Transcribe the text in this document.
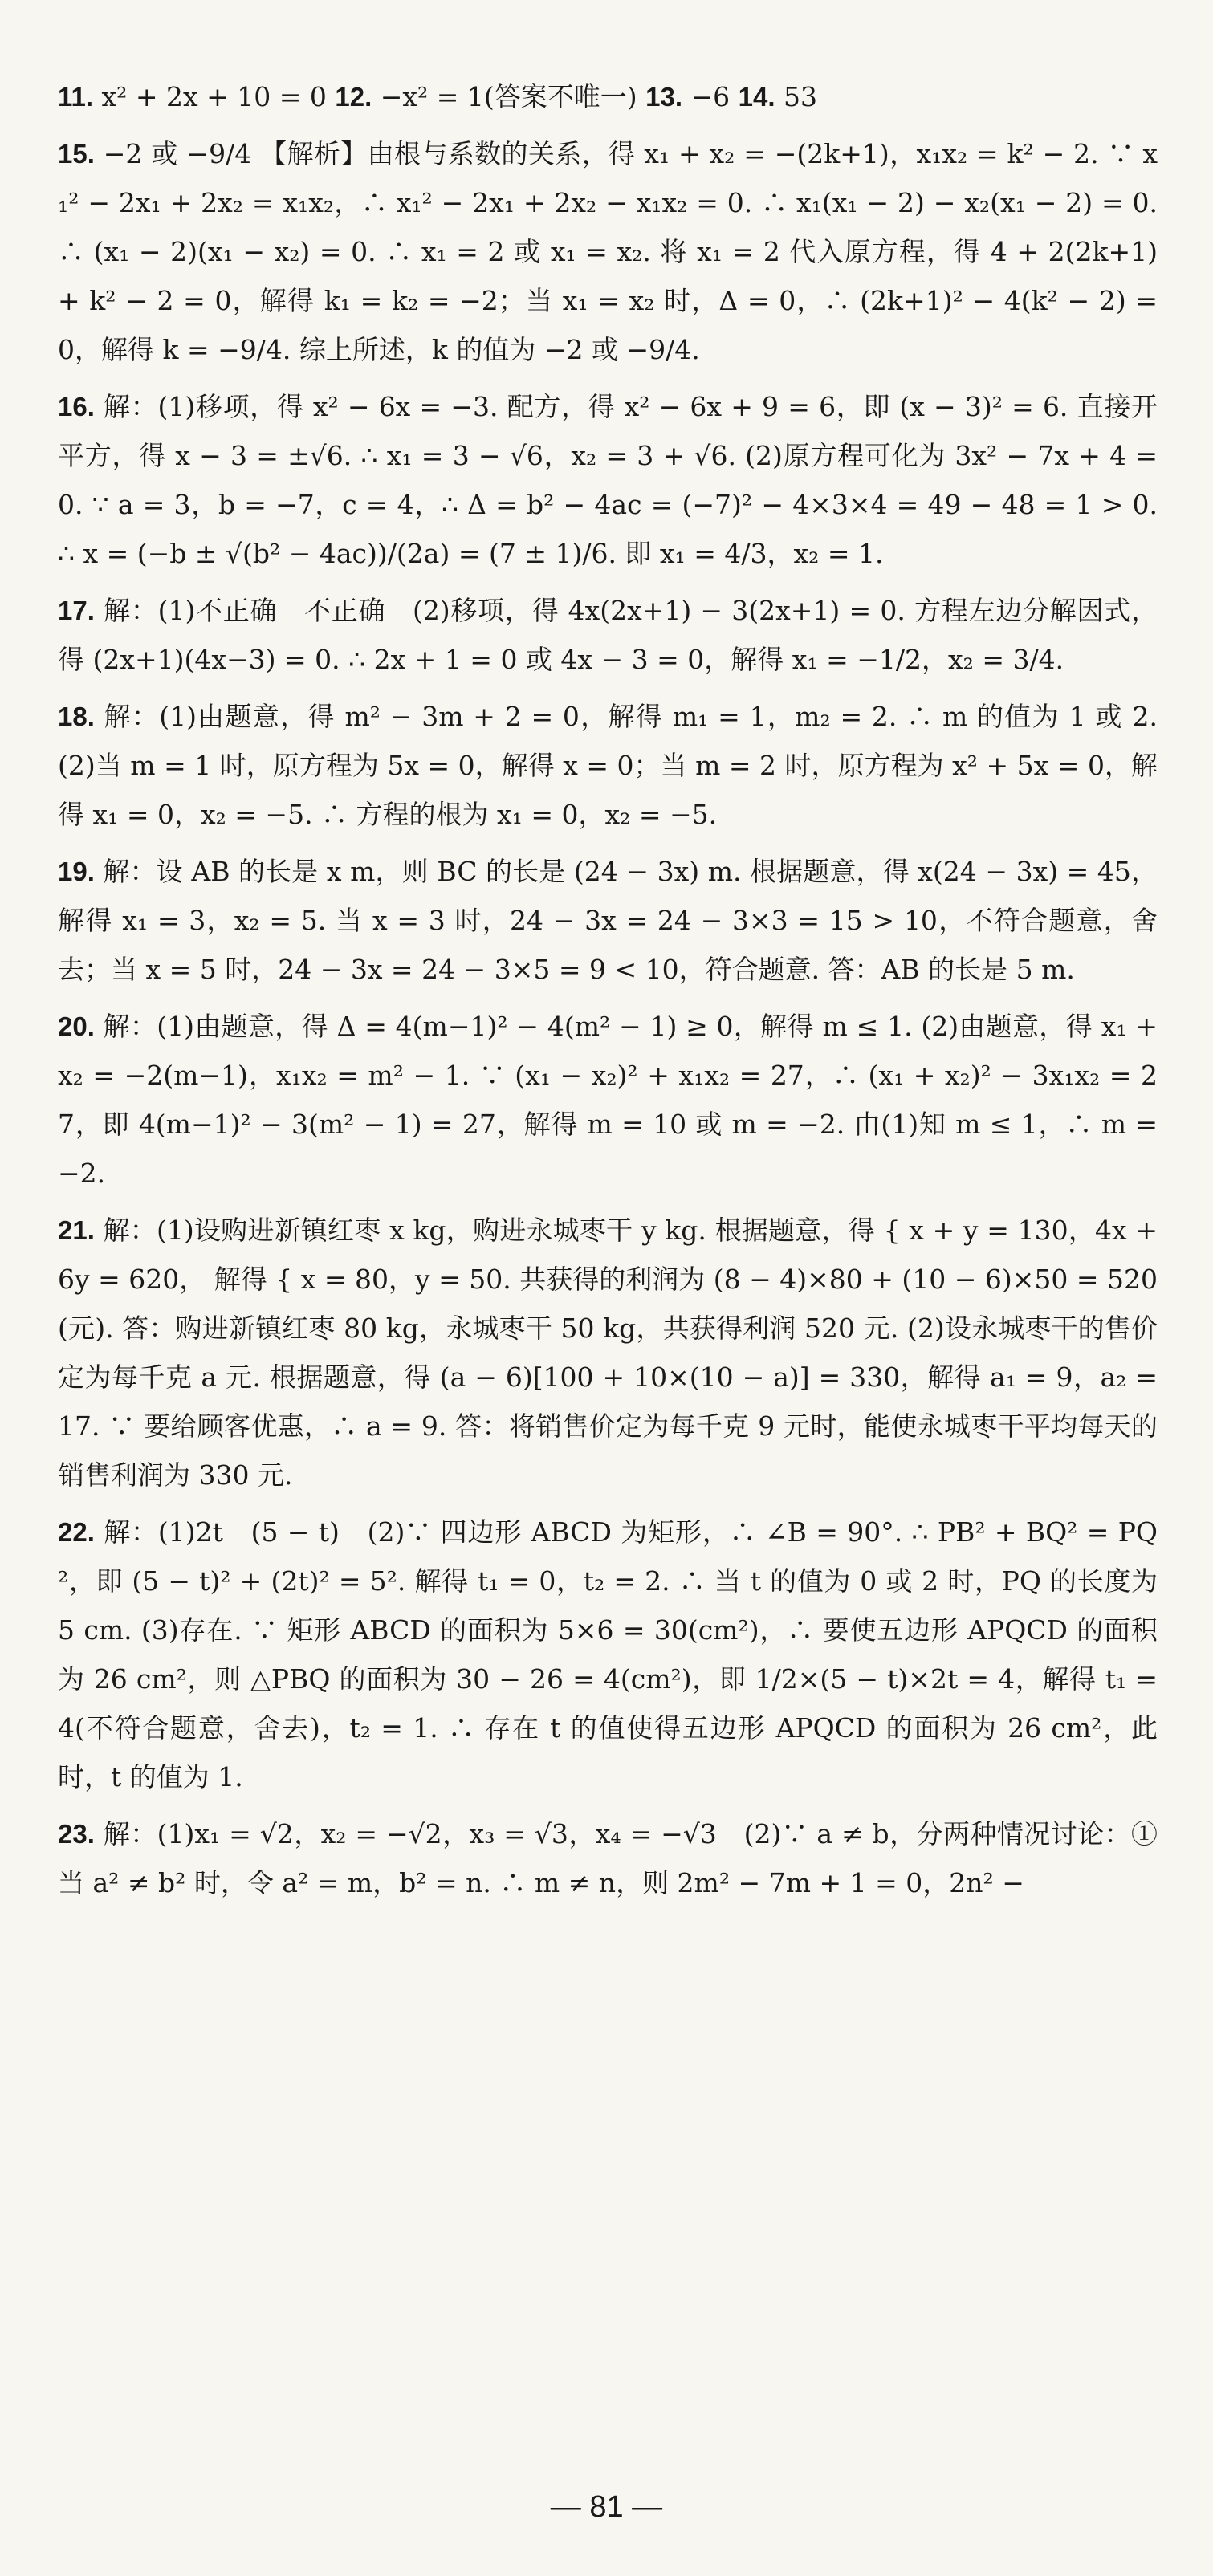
11. x² + 2x + 10 = 0 12. −x² = 1(答案不唯一) 13. −6 14. 53

15. −2 或 −9/4 【解析】由根与系数的关系，得 x₁ + x₂ = −(2k+1)，x₁x₂ = k² − 2. ∵ x₁² − 2x₁ + 2x₂ = x₁x₂，∴ x₁² − 2x₁ + 2x₂ − x₁x₂ = 0. ∴ x₁(x₁ − 2) − x₂(x₁ − 2) = 0. ∴ (x₁ − 2)(x₁ − x₂) = 0. ∴ x₁ = 2 或 x₁ = x₂. 将 x₁ = 2 代入原方程，得 4 + 2(2k+1) + k² − 2 = 0，解得 k₁ = k₂ = −2；当 x₁ = x₂ 时，Δ = 0，∴ (2k+1)² − 4(k² − 2) = 0，解得 k = −9/4. 综上所述，k 的值为 −2 或 −9/4.

16. 解：(1)移项，得 x² − 6x = −3. 配方，得 x² − 6x + 9 = 6，即 (x − 3)² = 6. 直接开平方，得 x − 3 = ±√6. ∴ x₁ = 3 − √6，x₂ = 3 + √6. (2)原方程可化为 3x² − 7x + 4 = 0. ∵ a = 3，b = −7，c = 4，∴ Δ = b² − 4ac = (−7)² − 4×3×4 = 49 − 48 = 1 > 0. ∴ x = (−b ± √(b² − 4ac))/(2a) = (7 ± 1)/6. 即 x₁ = 4/3，x₂ = 1.

17. 解：(1)不正确　不正确　(2)移项，得 4x(2x+1) − 3(2x+1) = 0. 方程左边分解因式，得 (2x+1)(4x−3) = 0. ∴ 2x + 1 = 0 或 4x − 3 = 0，解得 x₁ = −1/2，x₂ = 3/4.

18. 解：(1)由题意，得 m² − 3m + 2 = 0，解得 m₁ = 1，m₂ = 2. ∴ m 的值为 1 或 2. (2)当 m = 1 时，原方程为 5x = 0，解得 x = 0；当 m = 2 时，原方程为 x² + 5x = 0，解得 x₁ = 0，x₂ = −5. ∴ 方程的根为 x₁ = 0，x₂ = −5.

19. 解：设 AB 的长是 x m，则 BC 的长是 (24 − 3x) m. 根据题意，得 x(24 − 3x) = 45，解得 x₁ = 3，x₂ = 5. 当 x = 3 时，24 − 3x = 24 − 3×3 = 15 > 10，不符合题意，舍去；当 x = 5 时，24 − 3x = 24 − 3×5 = 9 < 10，符合题意. 答：AB 的长是 5 m.

20. 解：(1)由题意，得 Δ = 4(m−1)² − 4(m² − 1) ≥ 0，解得 m ≤ 1. (2)由题意，得 x₁ + x₂ = −2(m−1)，x₁x₂ = m² − 1. ∵ (x₁ − x₂)² + x₁x₂ = 27，∴ (x₁ + x₂)² − 3x₁x₂ = 27，即 4(m−1)² − 3(m² − 1) = 27，解得 m = 10 或 m = −2. 由(1)知 m ≤ 1，∴ m = −2.

21. 解：(1)设购进新镇红枣 x kg，购进永城枣干 y kg. 根据题意，得 { x + y = 130，4x + 6y = 620， 解得 { x = 80，y = 50. 共获得的利润为 (8 − 4)×80 + (10 − 6)×50 = 520(元). 答：购进新镇红枣 80 kg，永城枣干 50 kg，共获得利润 520 元. (2)设永城枣干的售价定为每千克 a 元. 根据题意，得 (a − 6)[100 + 10×(10 − a)] = 330，解得 a₁ = 9，a₂ = 17. ∵ 要给顾客优惠，∴ a = 9. 答：将销售价定为每千克 9 元时，能使永城枣干平均每天的销售利润为 330 元.

22. 解：(1)2t　(5 − t)　(2)∵ 四边形 ABCD 为矩形，∴ ∠B = 90°. ∴ PB² + BQ² = PQ²，即 (5 − t)² + (2t)² = 5². 解得 t₁ = 0，t₂ = 2. ∴ 当 t 的值为 0 或 2 时，PQ 的长度为 5 cm. (3)存在. ∵ 矩形 ABCD 的面积为 5×6 = 30(cm²)，∴ 要使五边形 APQCD 的面积为 26 cm²，则 △PBQ 的面积为 30 − 26 = 4(cm²)，即 1/2×(5 − t)×2t = 4，解得 t₁ = 4(不符合题意，舍去)，t₂ = 1. ∴ 存在 t 的值使得五边形 APQCD 的面积为 26 cm²，此时，t 的值为 1.

23. 解：(1)x₁ = √2，x₂ = −√2，x₃ = √3，x₄ = −√3　(2)∵ a ≠ b，分两种情况讨论：①当 a² ≠ b² 时，令 a² = m，b² = n. ∴ m ≠ n，则 2m² − 7m + 1 = 0，2n² −

— 81 —
